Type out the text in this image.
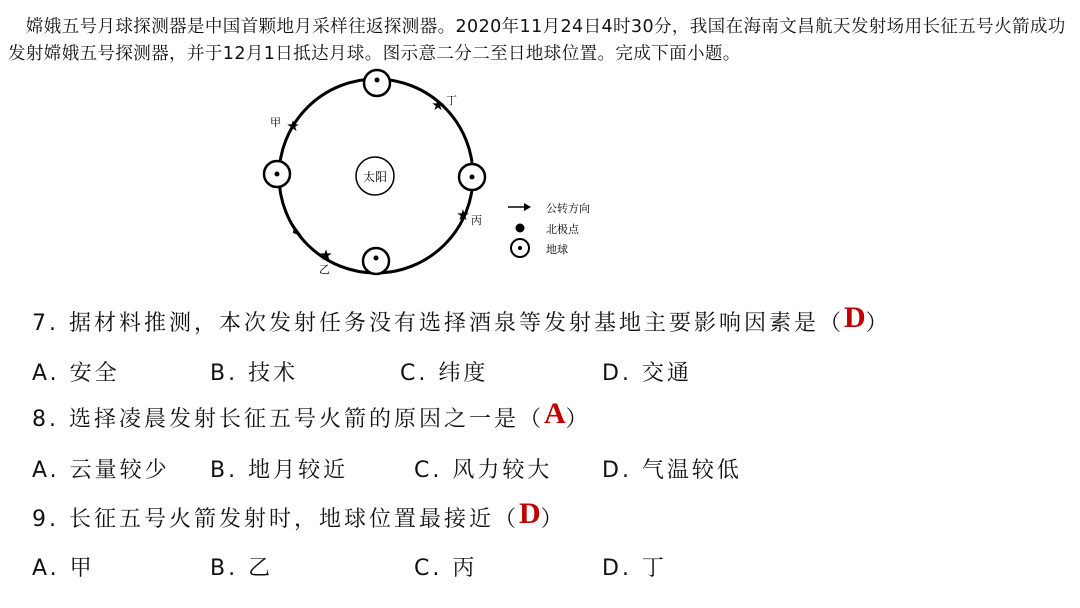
　嫦娥五号月球探测器是中国首颗地月采样往返探测器。2020年11月24日4时30分，我国在海南文昌航天发射场用长征五号火箭成功发射嫦娥五号探测器，并于12月1日抵达月球。图示意二分二至日地球位置。完成下面小题。

太阳
★
★
★
★
甲
丁
丙
乙
公转方向
北极点
地球

7. 据材料推测，本次发射任务没有选择酒泉等发射基地主要影响因素是（D）

A. 安全	B. 技术	C. 纬度	D. 交通

8. 选择凌晨发射长征五号火箭的原因之一是（A）

A. 云量较少 B. 地月较近	C. 风力较大 D. 气温较低

9. 长征五号火箭发射时，地球位置最接近（D）

A. 甲	B. 乙	C. 丙	D. 丁
